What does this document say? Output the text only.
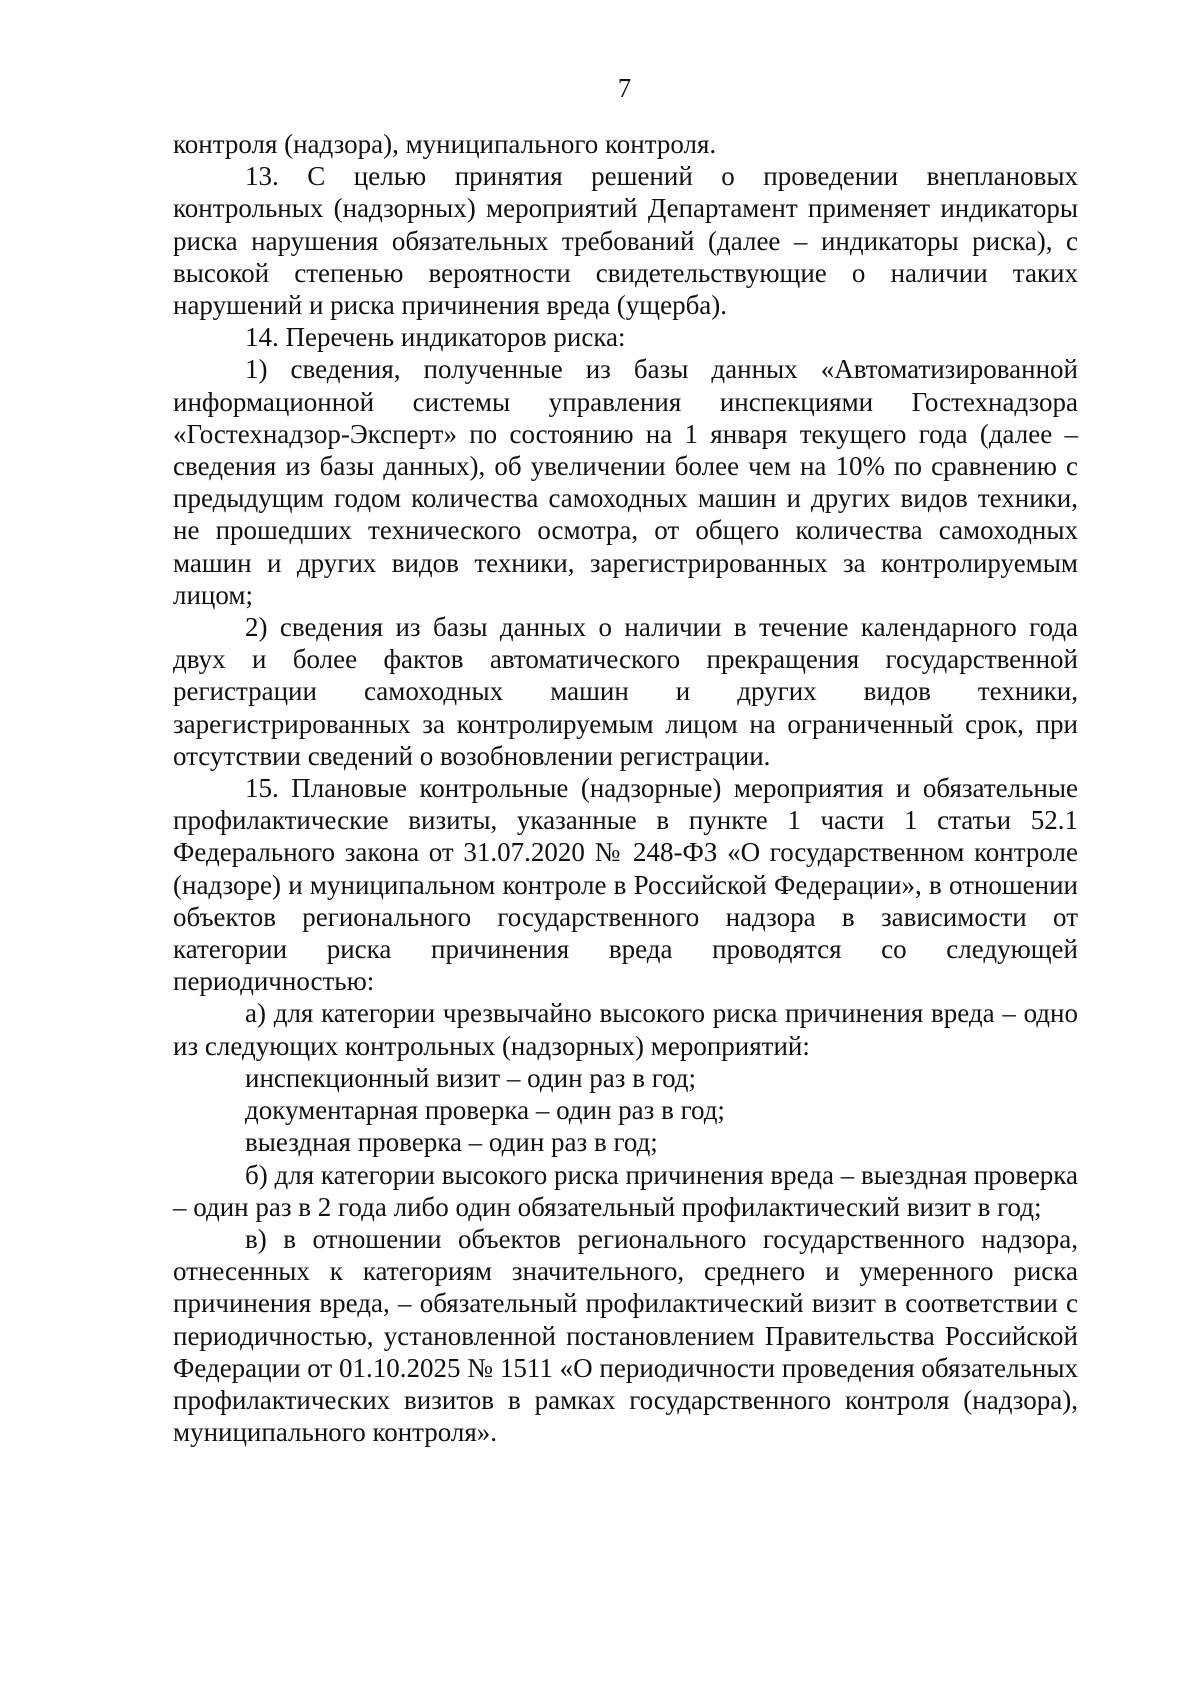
7

контроля (надзора), муниципального контроля.

13. С целью принятия решений о проведении внеплановых контрольных (надзорных) мероприятий Департамент применяет индикаторы риска нарушения обязательных требований (далее – индикаторы риска), с высокой степенью вероятности свидетельствующие о наличии таких нарушений и риска причинения вреда (ущерба).

14. Перечень индикаторов риска:

1) сведения, полученные из базы данных «Автоматизированной информационной системы управления инспекциями Гостехнадзора «Гостехнадзор-Эксперт» по состоянию на 1 января текущего года (далее – сведения из базы данных), об увеличении более чем на 10% по сравнению с предыдущим годом количества самоходных машин и других видов техники, не прошедших технического осмотра, от общего количества самоходных машин и других видов техники, зарегистрированных за контролируемым лицом;

2) сведения из базы данных о наличии в течение календарного года двух и более фактов автоматического прекращения государственной регистрации самоходных машин и других видов техники, зарегистрированных за контролируемым лицом на ограниченный срок, при отсутствии сведений о возобновлении регистрации.

15. Плановые контрольные (надзорные) мероприятия и обязательные профилактические визиты, указанные в пункте 1 части 1 статьи 52.1 Федерального закона от 31.07.2020 № 248-ФЗ «О государственном контроле (надзоре) и муниципальном контроле в Российской Федерации», в отношении объектов регионального государственного надзора в зависимости от категории риска причинения вреда проводятся со следующей периодичностью:

а) для категории чрезвычайно высокого риска причинения вреда – одно из следующих контрольных (надзорных) мероприятий:

инспекционный визит – один раз в год;

документарная проверка – один раз в год;

выездная проверка – один раз в год;

б) для категории высокого риска причинения вреда – выездная проверка – один раз в 2 года либо один обязательный профилактический визит в год;

в) в отношении объектов регионального государственного надзора, отнесенных к категориям значительного, среднего и умеренного риска причинения вреда, – обязательный профилактический визит в соответствии с периодичностью, установленной постановлением Правительства Российской Федерации от 01.10.2025 № 1511 «О периодичности проведения обязательных профилактических визитов в рамках государственного контроля (надзора), муниципального контроля».
